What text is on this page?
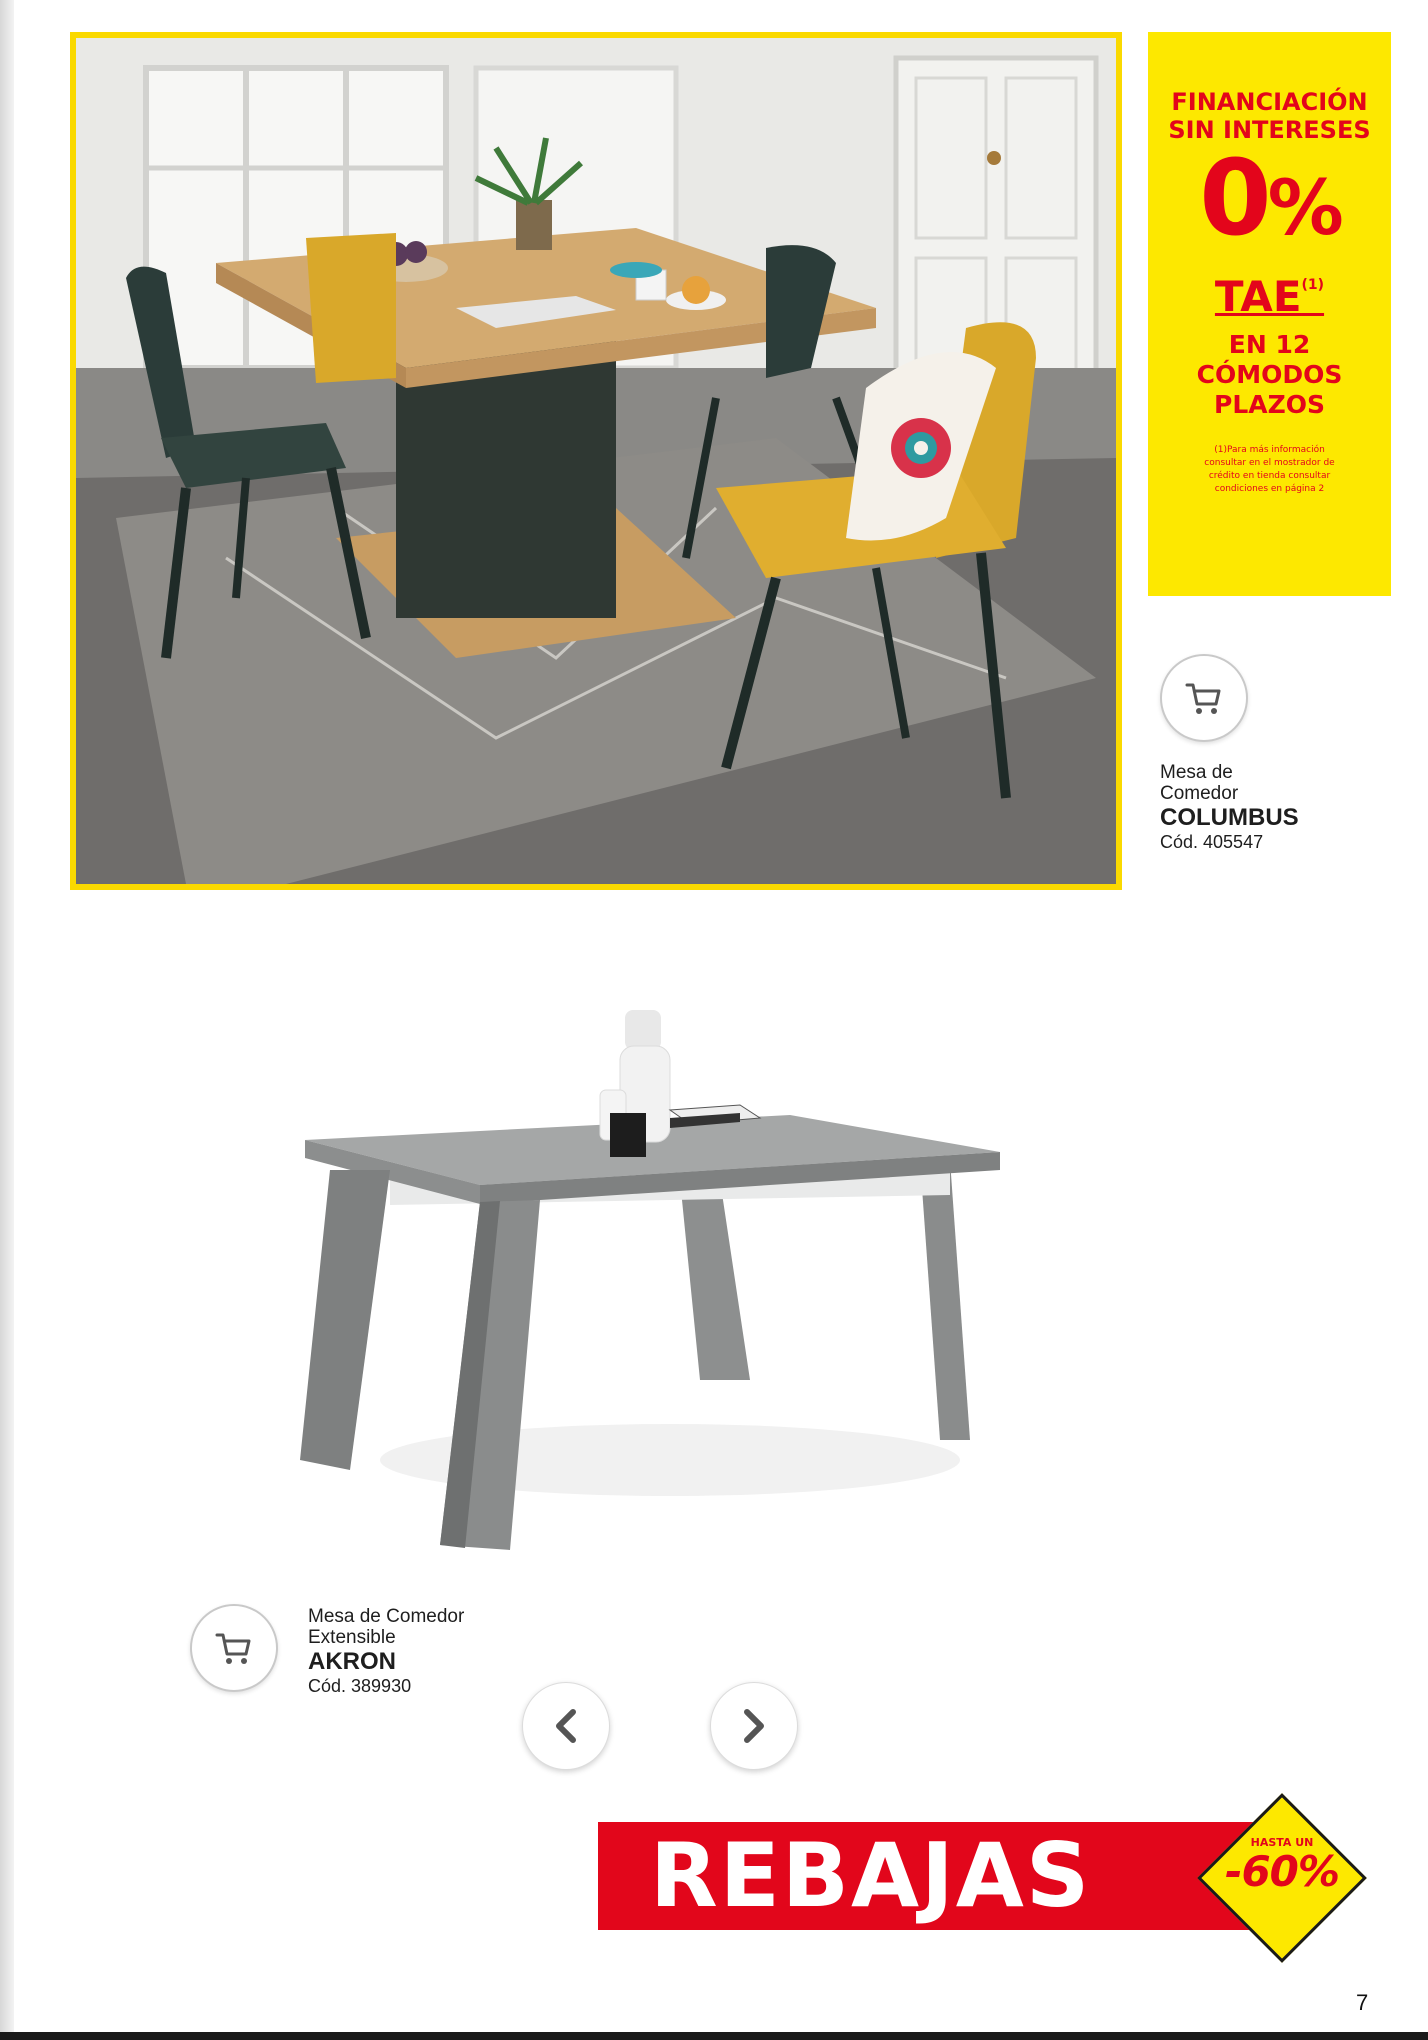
FINANCIACIÓN
SIN INTERESES
0%
TAE$^{(1)}$
EN 12
CÓMODOS
PLAZOS
(1)Para más información consultar en el mostrador de crédito en tienda consultar condiciones en página 2
Mesa de
Comedor
COLUMBUS
Cód. 405547
Mesa de Comedor
Extensible
AKRON
Cód. 389930
REBAJAS	HASTA UN
-60%
7
